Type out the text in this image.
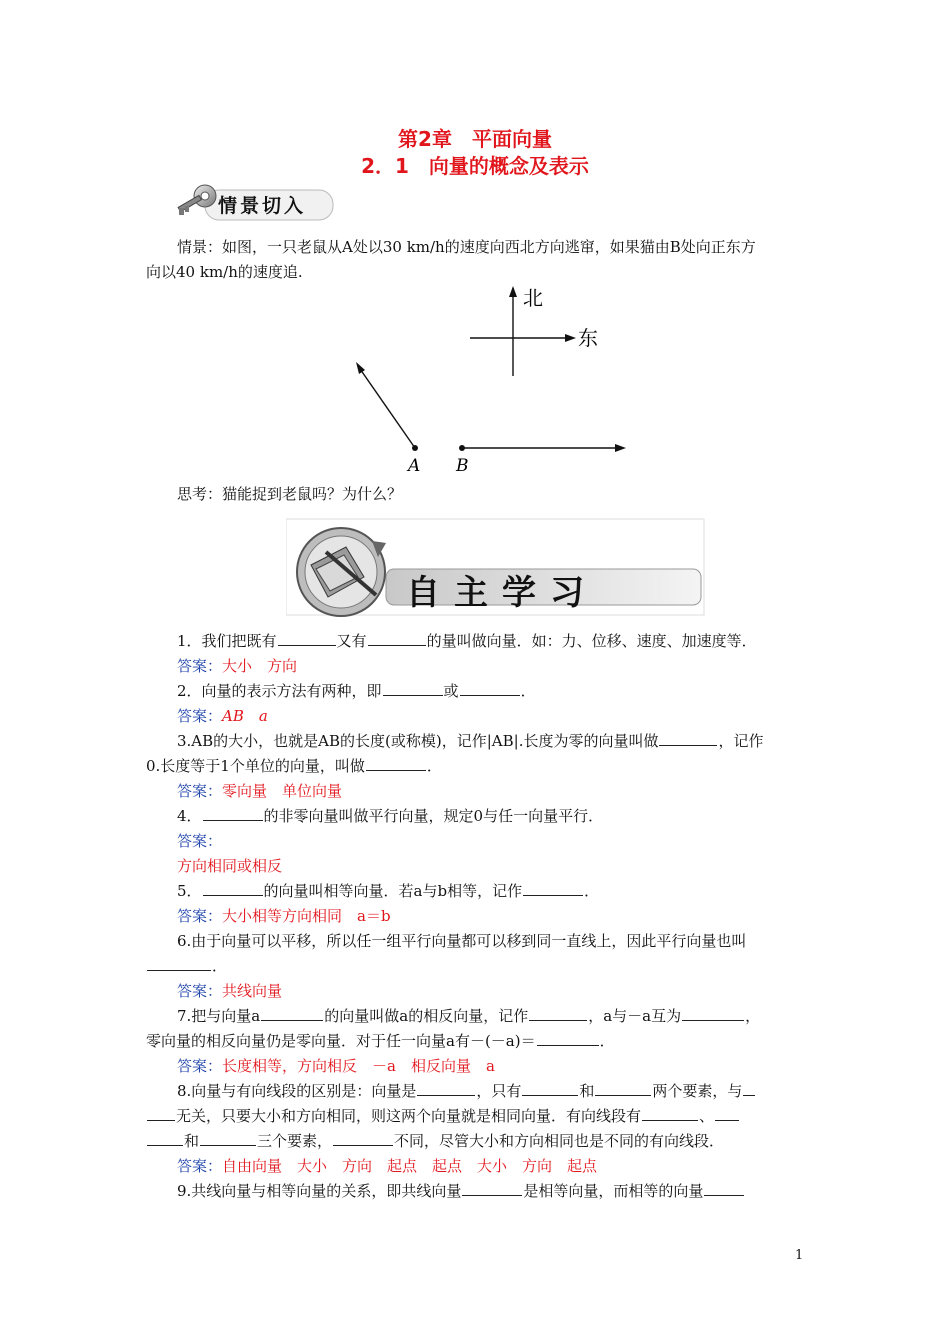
第2章　平面向量
2．1　向量的概念及表示
情景切入
情景：如图，一只老鼠从A处以30 km/h的速度向西北方向逃窜，如果猫由B处向正东方
向以40 km/h的速度追.
北
东
A B
思考：猫能捉到老鼠吗？为什么？
自主学习
1．我们把既有	又有	的量叫做向量．如：力、位移、速度、加速度等．
答案：大小　方向
2．向量的表示方法有两种，即	或	．
答案：AB　a
3.AB的大小，也就是AB的长度(或称模)，记作|AB|.长度为零的向量叫做	，记作
0.长度等于1个单位的向量，叫做	．
答案：零向量　单位向量
4．	的非零向量叫做平行向量，规定0与任一向量平行．
答案：
方向相同或相反
5．	的向量叫相等向量．若a与b相等，记作	．
答案：大小相等方向相同　a＝b
6.由于向量可以平移，所以任一组平行向量都可以移到同一直线上，因此平行向量也叫
．
答案：共线向量
7.把与向量a	的向量叫做a的相反向量，记作	，a与－a互为	，
零向量的相反向量仍是零向量．对于任一向量a有－(－a)＝	．
答案：长度相等，方向相反　－a　相反向量　a
8.向量与有向线段的区别是：向量是	，只有	和	两个要素，与
无关，只要大小和方向相同，则这两个向量就是相同向量．有向线段有	、
和	三个要素，	不同，尽管大小和方向相同也是不同的有向线段．
答案：自由向量　大小　方向　起点　起点　大小　方向　起点
9.共线向量与相等向量的关系，即共线向量	是相等向量，而相等的向量
1
